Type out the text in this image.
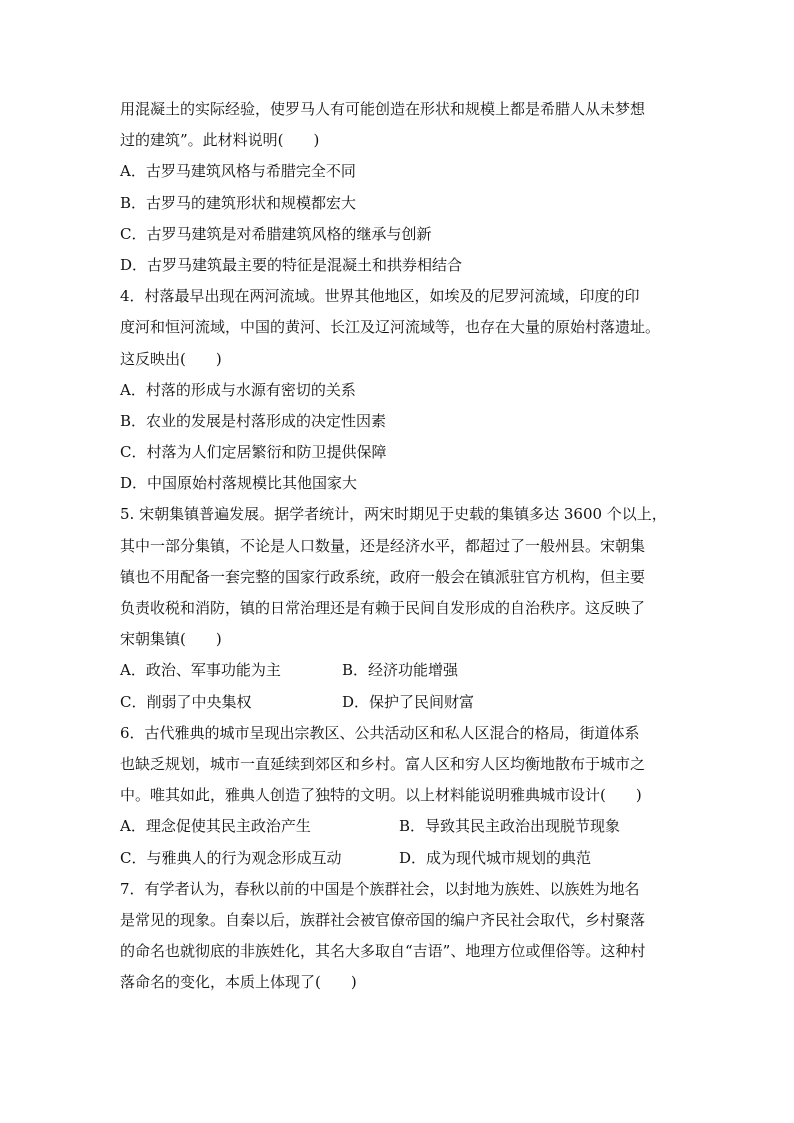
用混凝土的实际经验，使罗马人有可能创造在形状和规模上都是希腊人从未梦想
过的建筑”。此材料说明(　　)
A．古罗马建筑风格与希腊完全不同
B．古罗马的建筑形状和规模都宏大
C．古罗马建筑是对希腊建筑风格的继承与创新
D．古罗马建筑最主要的特征是混凝土和拱券相结合
4．村落最早出现在两河流域。世界其他地区，如埃及的尼罗河流域，印度的印
度河和恒河流域，中国的黄河、长江及辽河流域等，也存在大量的原始村落遗址。
这反映出(　　)
A．村落的形成与水源有密切的关系
B．农业的发展是村落形成的决定性因素
C．村落为人们定居繁衍和防卫提供保障
D．中国原始村落规模比其他国家大
5. 宋朝集镇普遍发展。据学者统计，两宋时期见于史载的集镇多达 3600 个以上，
其中一部分集镇，不论是人口数量，还是经济水平，都超过了一般州县。宋朝集
镇也不用配备一套完整的国家行政系统，政府一般会在镇派驻官方机构，但主要
负责收税和消防，镇的日常治理还是有赖于民间自发形成的自治秩序。这反映了
宋朝集镇(　　)
A．政治、军事功能为主	B．经济功能增强
C．削弱了中央集权	D．保护了民间财富
6．古代雅典的城市呈现出宗教区、公共活动区和私人区混合的格局，街道体系
也缺乏规划，城市一直延续到郊区和乡村。富人区和穷人区均衡地散布于城市之
中。唯其如此，雅典人创造了独特的文明。以上材料能说明雅典城市设计(　　)
A．理念促使其民主政治产生	B．导致其民主政治出现脱节现象
C．与雅典人的行为观念形成互动	D．成为现代城市规划的典范
7．有学者认为，春秋以前的中国是个族群社会，以封地为族姓、以族姓为地名
是常见的现象。自秦以后，族群社会被官僚帝国的编户齐民社会取代，乡村聚落
的命名也就彻底的非族姓化，其名大多取自“吉语”、地理方位或俚俗等。这种村
落命名的变化，本质上体现了(　　)
